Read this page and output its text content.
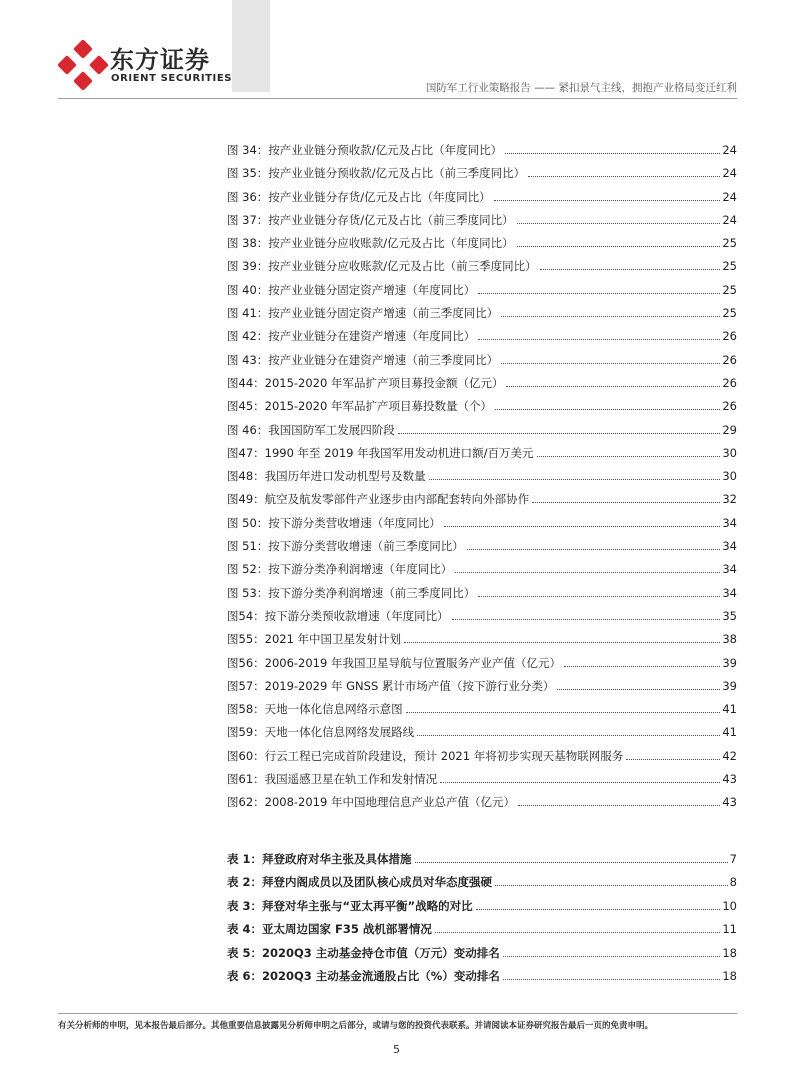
东方证券
ORIENT SECURITIES
国防军工行业策略报告 —— 紧扣景气主线，拥抱产业格局变迁红利
图 34：按产业业链分预收款/亿元及占比（年度同比）	24
图 35：按产业业链分预收款/亿元及占比（前三季度同比）	24
图 36：按产业业链分存货/亿元及占比（年度同比）	24
图 37：按产业业链分存货/亿元及占比（前三季度同比）	24
图 38：按产业业链分应收账款/亿元及占比（年度同比）	25
图 39：按产业业链分应收账款/亿元及占比（前三季度同比）	25
图 40：按产业业链分固定资产增速（年度同比）	25
图 41：按产业业链分固定资产增速（前三季度同比）	25
图 42：按产业业链分在建资产增速（年度同比）	26
图 43：按产业业链分在建资产增速（前三季度同比）	26
图44：2015-2020 年军品扩产项目募投金额（亿元）	26
图45：2015-2020 年军品扩产项目募投数量（个）	26
图 46：我国国防军工发展四阶段	29
图47：1990 年至 2019 年我国军用发动机进口额/百万美元	30
图48：我国历年进口发动机型号及数量	30
图49：航空及航发零部件产业逐步由内部配套转向外部协作	32
图 50：按下游分类营收增速（年度同比）	34
图 51：按下游分类营收增速（前三季度同比）	34
图 52：按下游分类净利润增速（年度同比）	34
图 53：按下游分类净利润增速（前三季度同比）	34
图54：按下游分类预收款增速（年度同比）	35
图55：2021 年中国卫星发射计划	38
图56：2006-2019 年我国卫星导航与位置服务产业产值（亿元）	39
图57：2019-2029 年 GNSS 累计市场产值（按下游行业分类）	39
图58：天地一体化信息网络示意图	41
图59：天地一体化信息网络发展路线	41
图60：行云工程已完成首阶段建设，预计 2021 年将初步实现天基物联网服务	42
图61：我国遥感卫星在轨工作和发射情况	43
图62：2008-2019 年中国地理信息产业总产值（亿元）	43
表 1：拜登政府对华主张及具体措施	7
表 2：拜登内阁成员以及团队核心成员对华态度强硬	8
表 3：拜登对华主张与“亚太再平衡”战略的对比	10
表 4：亚太周边国家 F35 战机部署情况	11
表 5：2020Q3 主动基金持仓市值（万元）变动排名	18
表 6：2020Q3 主动基金流通股占比（%）变动排名	18
有关分析师的申明，见本报告最后部分。其他重要信息披露见分析师申明之后部分，或请与您的投资代表联系。并请阅读本证券研究报告最后一页的免责申明。
5
